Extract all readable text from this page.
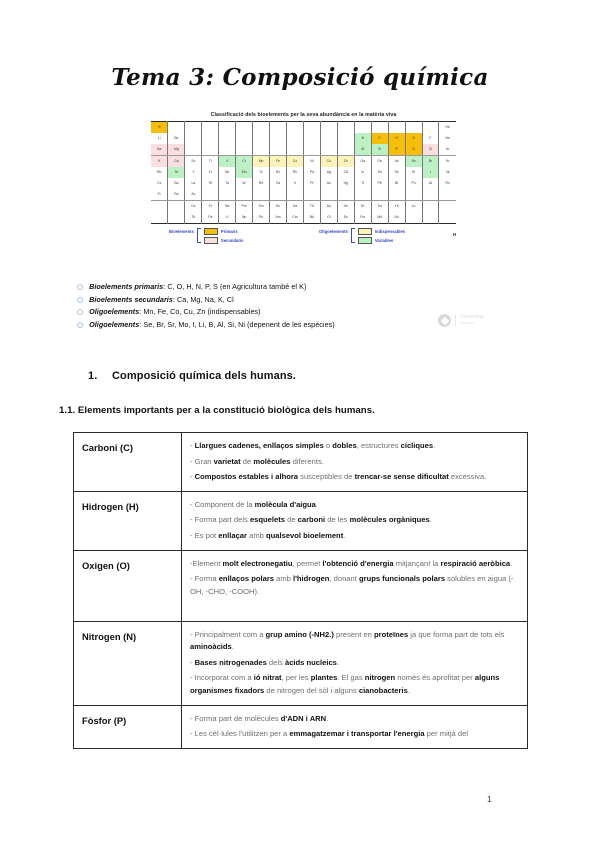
Tema 3: Composició química
Classificació dels bioelements per la seva abundància en la matèria viva
H																	He
Li	Be											B	C	N	O	F	Ne
Na	Mg											Al	Si	P	S	Cl	Ar
K	Ca	Sc	Ti	V	Cr	Mn	Fe	Co	Ni	Cu	Zn	Ga	Ge	As	Se	Br	Kr
Rb	Sr	Y	Zr	Nb	Mo	Tc	Ru	Rh	Pd	Ag	Cd	In	Sn	Sb	Te	I	Xe
Cs	Ba	La	Hf	Ta	W	Re	Os	Ir	Pt	Au	Hg	Tl	Pb	Bi	Po	At	Rn
Fr	Ra	Ac															
		Ce	Pr	Nd	Pm	Sm	Eu	Gd	Tb	Dy	Ho	Er	Tm	Yb	Lu		
		Th	Pa	U	Np	Pu	Am	Cm	Bk	Cf	Es	Fm	Md	No			
Bioelements	Primaris
Secundaris
Oligoelements	Indispensables
Variables
H
○ Bioelements primaris: C, O, H, N, P, S (en Agricultura també el K)
○ Bioelements secundaris: Ca, Mg, Na, K, Cl
○ Oligoelements: Mn, Fe, Co, Cu, Zn (indispensables)
○ Oligoelements: Se, Br, Sr, Mo, I, Li, B, Al, Si, Ni (depenent de les espècies)
Universitat
de Lleida
1. Composició química dels humans.
1.1. Elements importants per a la constitució biològica dels humans.
Carboni (C)	- Llargues cadenes, enllaços simples o dobles, estructures cícliques.
- Gran varietat de molècules diferents.
- Compostos estables i alhora susceptibles de trencar-se sense dificultat excessiva.

Hidrogen (H)	- Component de la molècula d'aigua.
- Forma part dels esquelets de carboni de les molècules orgàniques.
- Es pot enllaçar amb qualsevol bioelement.

Oxigen (O)	-Element molt electronegatiu, permet l'obtenció d'energia mitjançant la respiració aeròbica.
- Forma enllaços polars amb l'hidrogen, donant grups funcionals polars solubles en aigua (-OH, -CHO, -COOH).

Nitrogen (N)	- Principalment com a grup amino (-NH2.) present en proteïnes ja que forma part de tots els aminoàcids.
- Bases nitrogenades dels àcids nucleics.
- Incorporat com a ió nitrat, per les plantes. El gas nitrogen només és aprofitat per alguns organismes fixadors de nitrogen del sòl i alguns cianobacteris.

Fòsfor (P)	- Forma part de molècules d'ADN i ARN.
- Les cèl·lules l'utilitzen per a emmagatzemar i transportar l'energia per mitjà del
1
